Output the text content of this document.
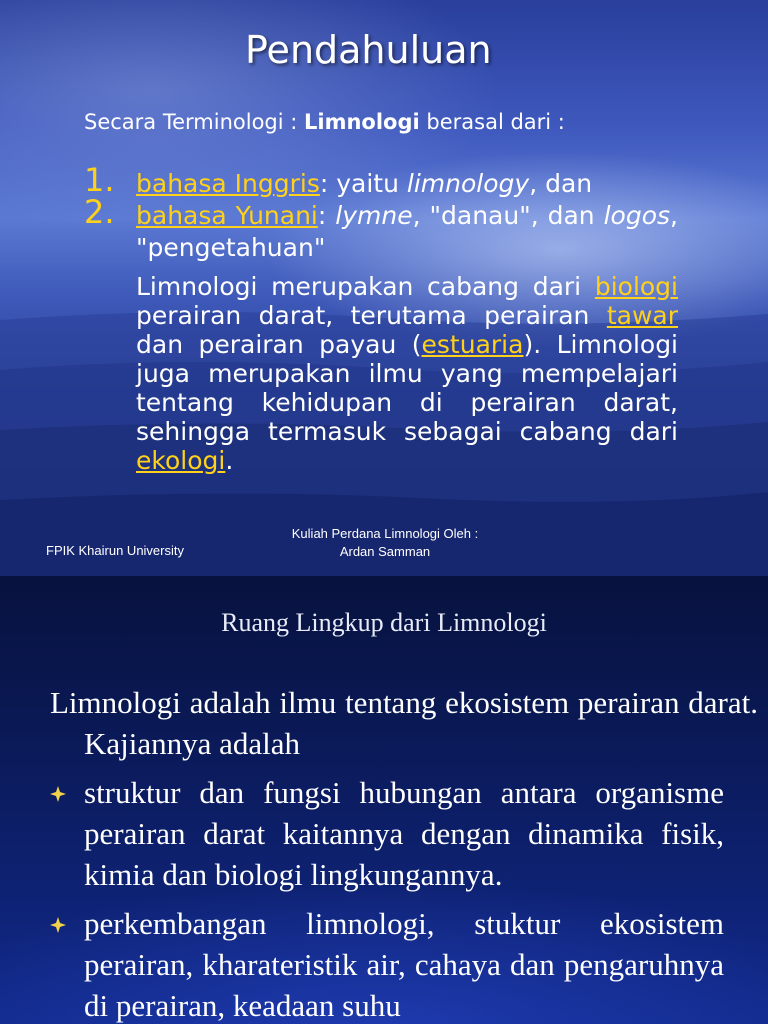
Pendahuluan
Secara Terminologi : Limnologi berasal dari :
1. bahasa Inggris: yaitu limnology, dan
2. bahasa Yunani: lymne, "danau", dan logos, "pengetahuan"
Limnologi merupakan cabang dari biologi perairan darat, terutama perairan tawar dan perairan payau (estuaria). Limnologi juga merupakan ilmu yang mempelajari tentang kehidupan di perairan darat, sehingga termasuk sebagai cabang dari ekologi.
FPIK Khairun University
Kuliah Perdana Limnologi Oleh :
Ardan Samman
Ruang Lingkup dari Limnologi
Limnologi adalah ilmu tentang ekosistem perairan darat. Kajiannya adalah
struktur dan fungsi hubungan antara organisme perairan darat kaitannya dengan dinamika fisik, kimia dan biologi lingkungannya.
perkembangan limnologi, stuktur ekosistem perairan, kharateristik air, cahaya dan pengaruhnya di perairan, keadaan suhu
